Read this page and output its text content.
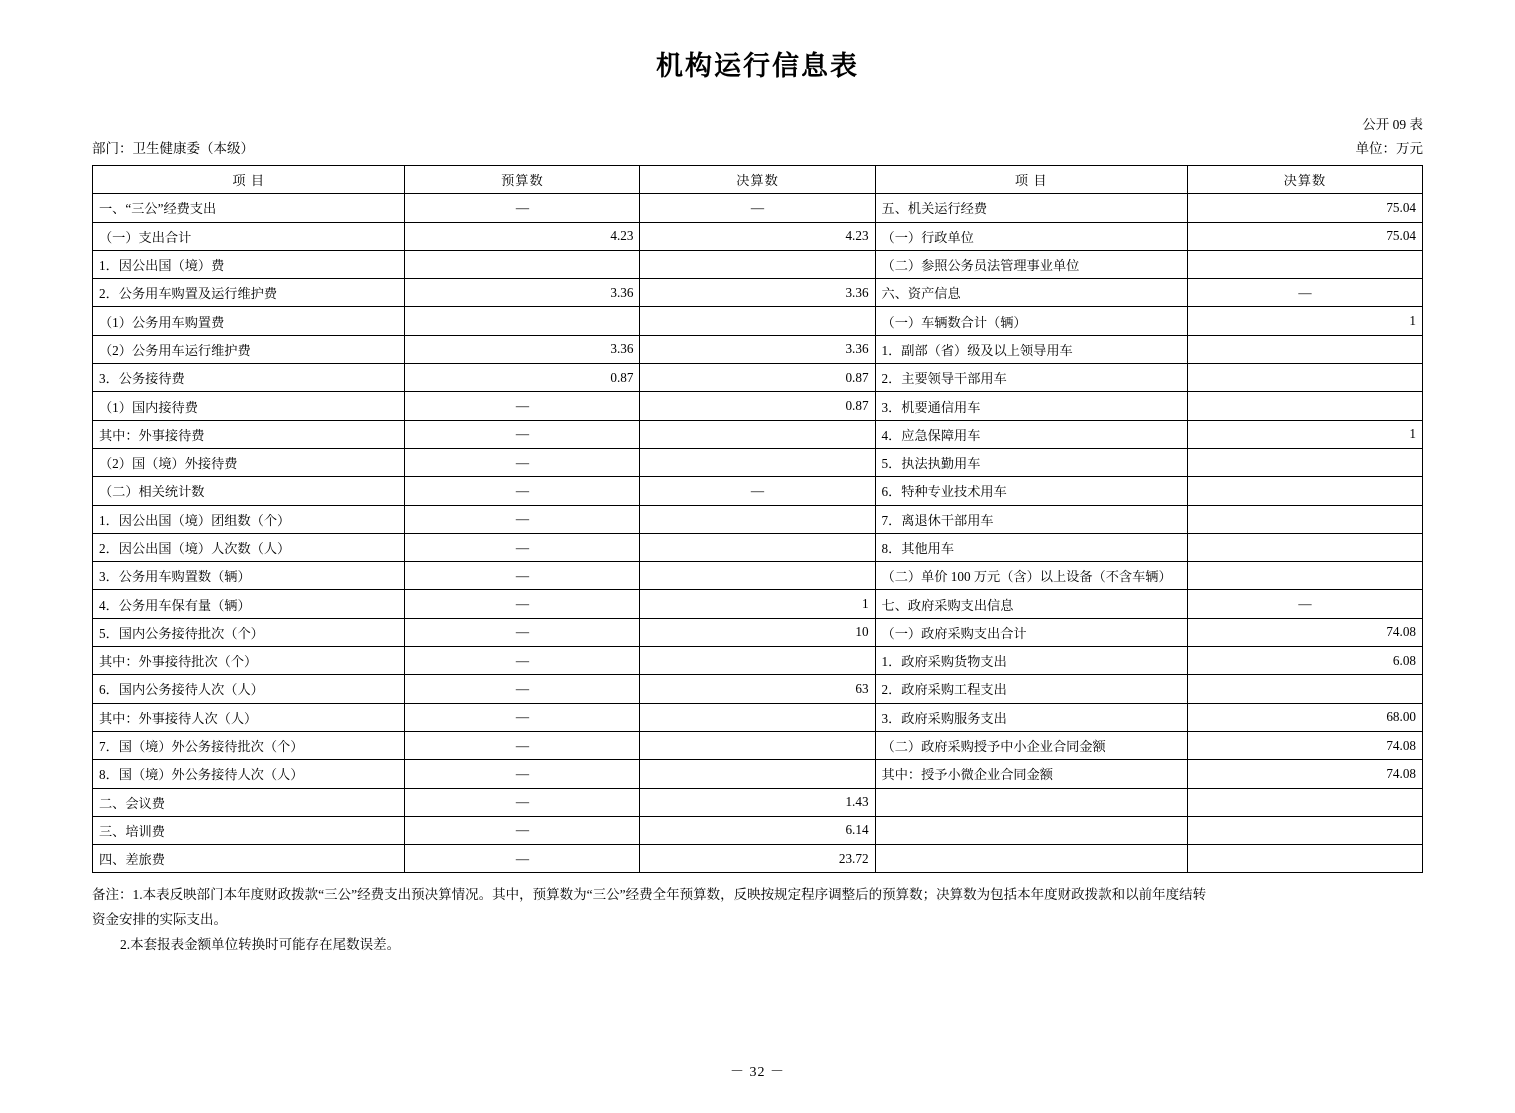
机构运行信息表
公开 09 表
部门：卫生健康委（本级）	单位：万元
项 目	预算数	决算数	项 目	决算数
一、“三公”经费支出	—	—	五、机关运行经费	75.04
（一）支出合计	4.23	4.23	（一）行政单位	75.04
1．因公出国（境）费			（二）参照公务员法管理事业单位	
2．公务用车购置及运行维护费	3.36	3.36	六、资产信息	—
（1）公务用车购置费			（一）车辆数合计（辆）	1
（2）公务用车运行维护费	3.36	3.36	1．副部（省）级及以上领导用车	
3．公务接待费	0.87	0.87	2．主要领导干部用车	
（1）国内接待费	—	0.87	3．机要通信用车	
其中：外事接待费	—		4．应急保障用车	1
（2）国（境）外接待费	—		5．执法执勤用车	
（二）相关统计数	—	—	6．特种专业技术用车	
1．因公出国（境）团组数（个）	—		7．离退休干部用车	
2．因公出国（境）人次数（人）	—		8．其他用车	
3．公务用车购置数（辆）	—		（二）单价 100 万元（含）以上设备（不含车辆）	
4．公务用车保有量（辆）	—	1	七、政府采购支出信息	—
5．国内公务接待批次（个）	—	10	（一）政府采购支出合计	74.08
其中：外事接待批次（个）	—		1．政府采购货物支出	6.08
6．国内公务接待人次（人）	—	63	2．政府采购工程支出	
其中：外事接待人次（人）	—		3．政府采购服务支出	68.00
7．国（境）外公务接待批次（个）	—		（二）政府采购授予中小企业合同金额	74.08
8．国（境）外公务接待人次（人）	—		其中：授予小微企业合同金额	74.08
二、会议费	—	1.43		
三、培训费	—	6.14		
四、差旅费	—	23.72		

备注：1.本表反映部门本年度财政拨款“三公”经费支出预决算情况。其中，预算数为“三公”经费全年预算数，反映按规定程序调整后的预算数；决算数为包括本年度财政拨款和以前年度结转

资金安排的实际支出。

2.本套报表金额单位转换时可能存在尾数误差。

－ 32 －
